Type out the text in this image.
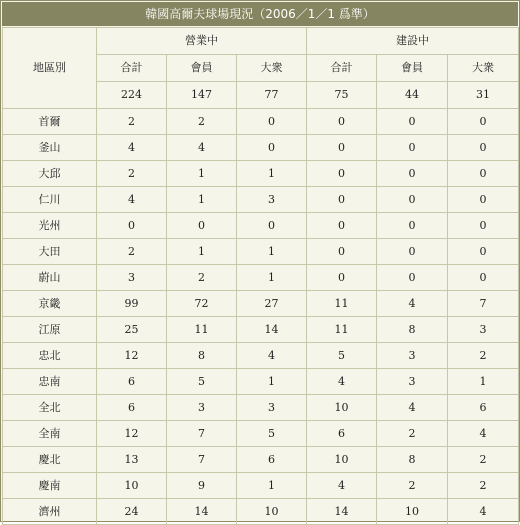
韓國高爾夫球場現況（2006／1／1 爲準）
地區別	營業中			建設中		
	合計	會員	大衆	合計	會員	大衆
	224	147	77	75	44	31
首爾	2	2	0	0	0	0
釜山	4	4	0	0	0	0
大邱	2	1	1	0	0	0
仁川	4	1	3	0	0	0
光州	0	0	0	0	0	0
大田	2	1	1	0	0	0
蔚山	3	2	1	0	0	0
京畿	99	72	27	11	4	7
江原	25	11	14	11	8	3
忠北	12	8	4	5	3	2
忠南	6	5	1	4	3	1
全北	6	3	3	10	4	6
全南	12	7	5	6	2	4
慶北	13	7	6	10	8	2
慶南	10	9	1	4	2	2
濟州	24	14	10	14	10	4
